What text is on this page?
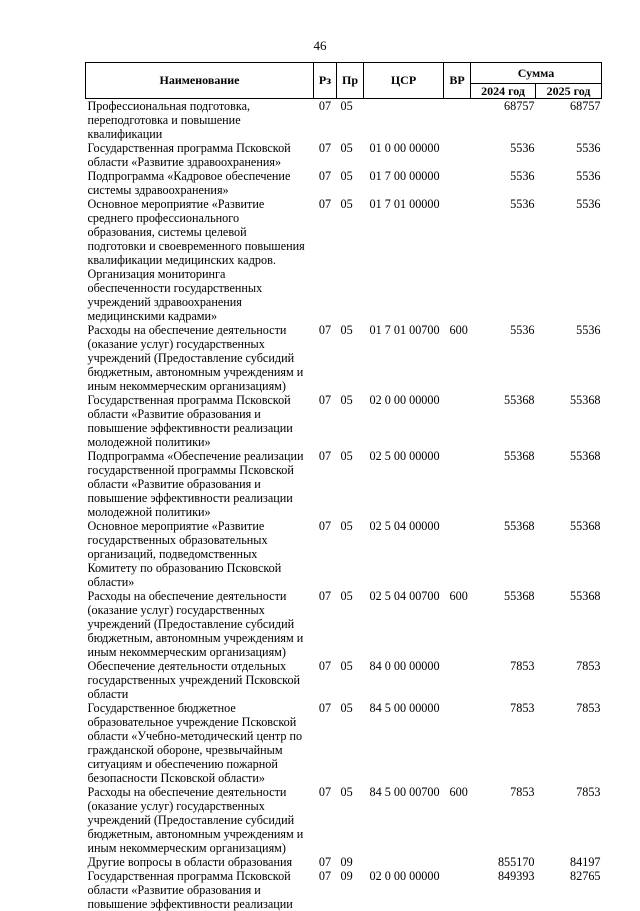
46
Наименование	Рз	Пр	ЦСР	ВР	Сумма	
					2024 год	2025 год
Профессиональная подготовка, переподготовка и повышение квалификации	07	05			68757	68757
Государственная программа Псковской области «Развитие здравоохранения»	07	05	01 0 00 00000		5536	5536
Подпрограмма «Кадровое обеспечение системы здравоохранения»	07	05	01 7 00 00000		5536	5536
Основное мероприятие «Развитие среднего профессионального образования, системы целевой подготовки и своевременного повышения квалификации медицинских кадров. Организация мониторинга обеспеченности государственных учреждений здравоохранения медицинскими кадрами»	07	05	01 7 01 00000		5536	5536
Расходы на обеспечение деятельности (оказание услуг) государственных учреждений (Предоставление субсидий бюджетным, автономным учреждениям и иным некоммерческим организациям)	07	05	01 7 01 00700	600	5536	5536
Государственная программа Псковской области «Развитие образования и повышение эффективности реализации молодежной политики»	07	05	02 0 00 00000		55368	55368
Подпрограмма «Обеспечение реализации государственной программы Псковской области «Развитие образования и повышение эффективности реализации молодежной политики»	07	05	02 5 00 00000		55368	55368
Основное мероприятие «Развитие государственных образовательных организаций, подведомственных Комитету по образованию Псковской области»	07	05	02 5 04 00000		55368	55368
Расходы на обеспечение деятельности (оказание услуг) государственных учреждений (Предоставление субсидий бюджетным, автономным учреждениям и иным некоммерческим организациям)	07	05	02 5 04 00700	600	55368	55368
Обеспечение деятельности отдельных государственных учреждений Псковской области	07	05	84 0 00 00000		7853	7853
Государственное бюджетное образовательное учреждение Псковской области «Учебно-методический центр по гражданской обороне, чрезвычайным ситуациям и обеспечению пожарной безопасности Псковской области»	07	05	84 5 00 00000		7853	7853
Расходы на обеспечение деятельности (оказание услуг) государственных учреждений (Предоставление субсидий бюджетным, автономным учреждениям и иным некоммерческим организациям)	07	05	84 5 00 00700	600	7853	7853
Другие вопросы в области образования	07	09			855170	84197
Государственная программа Псковской области «Развитие образования и повышение эффективности реализации	07	09	02 0 00 00000		849393	82765
